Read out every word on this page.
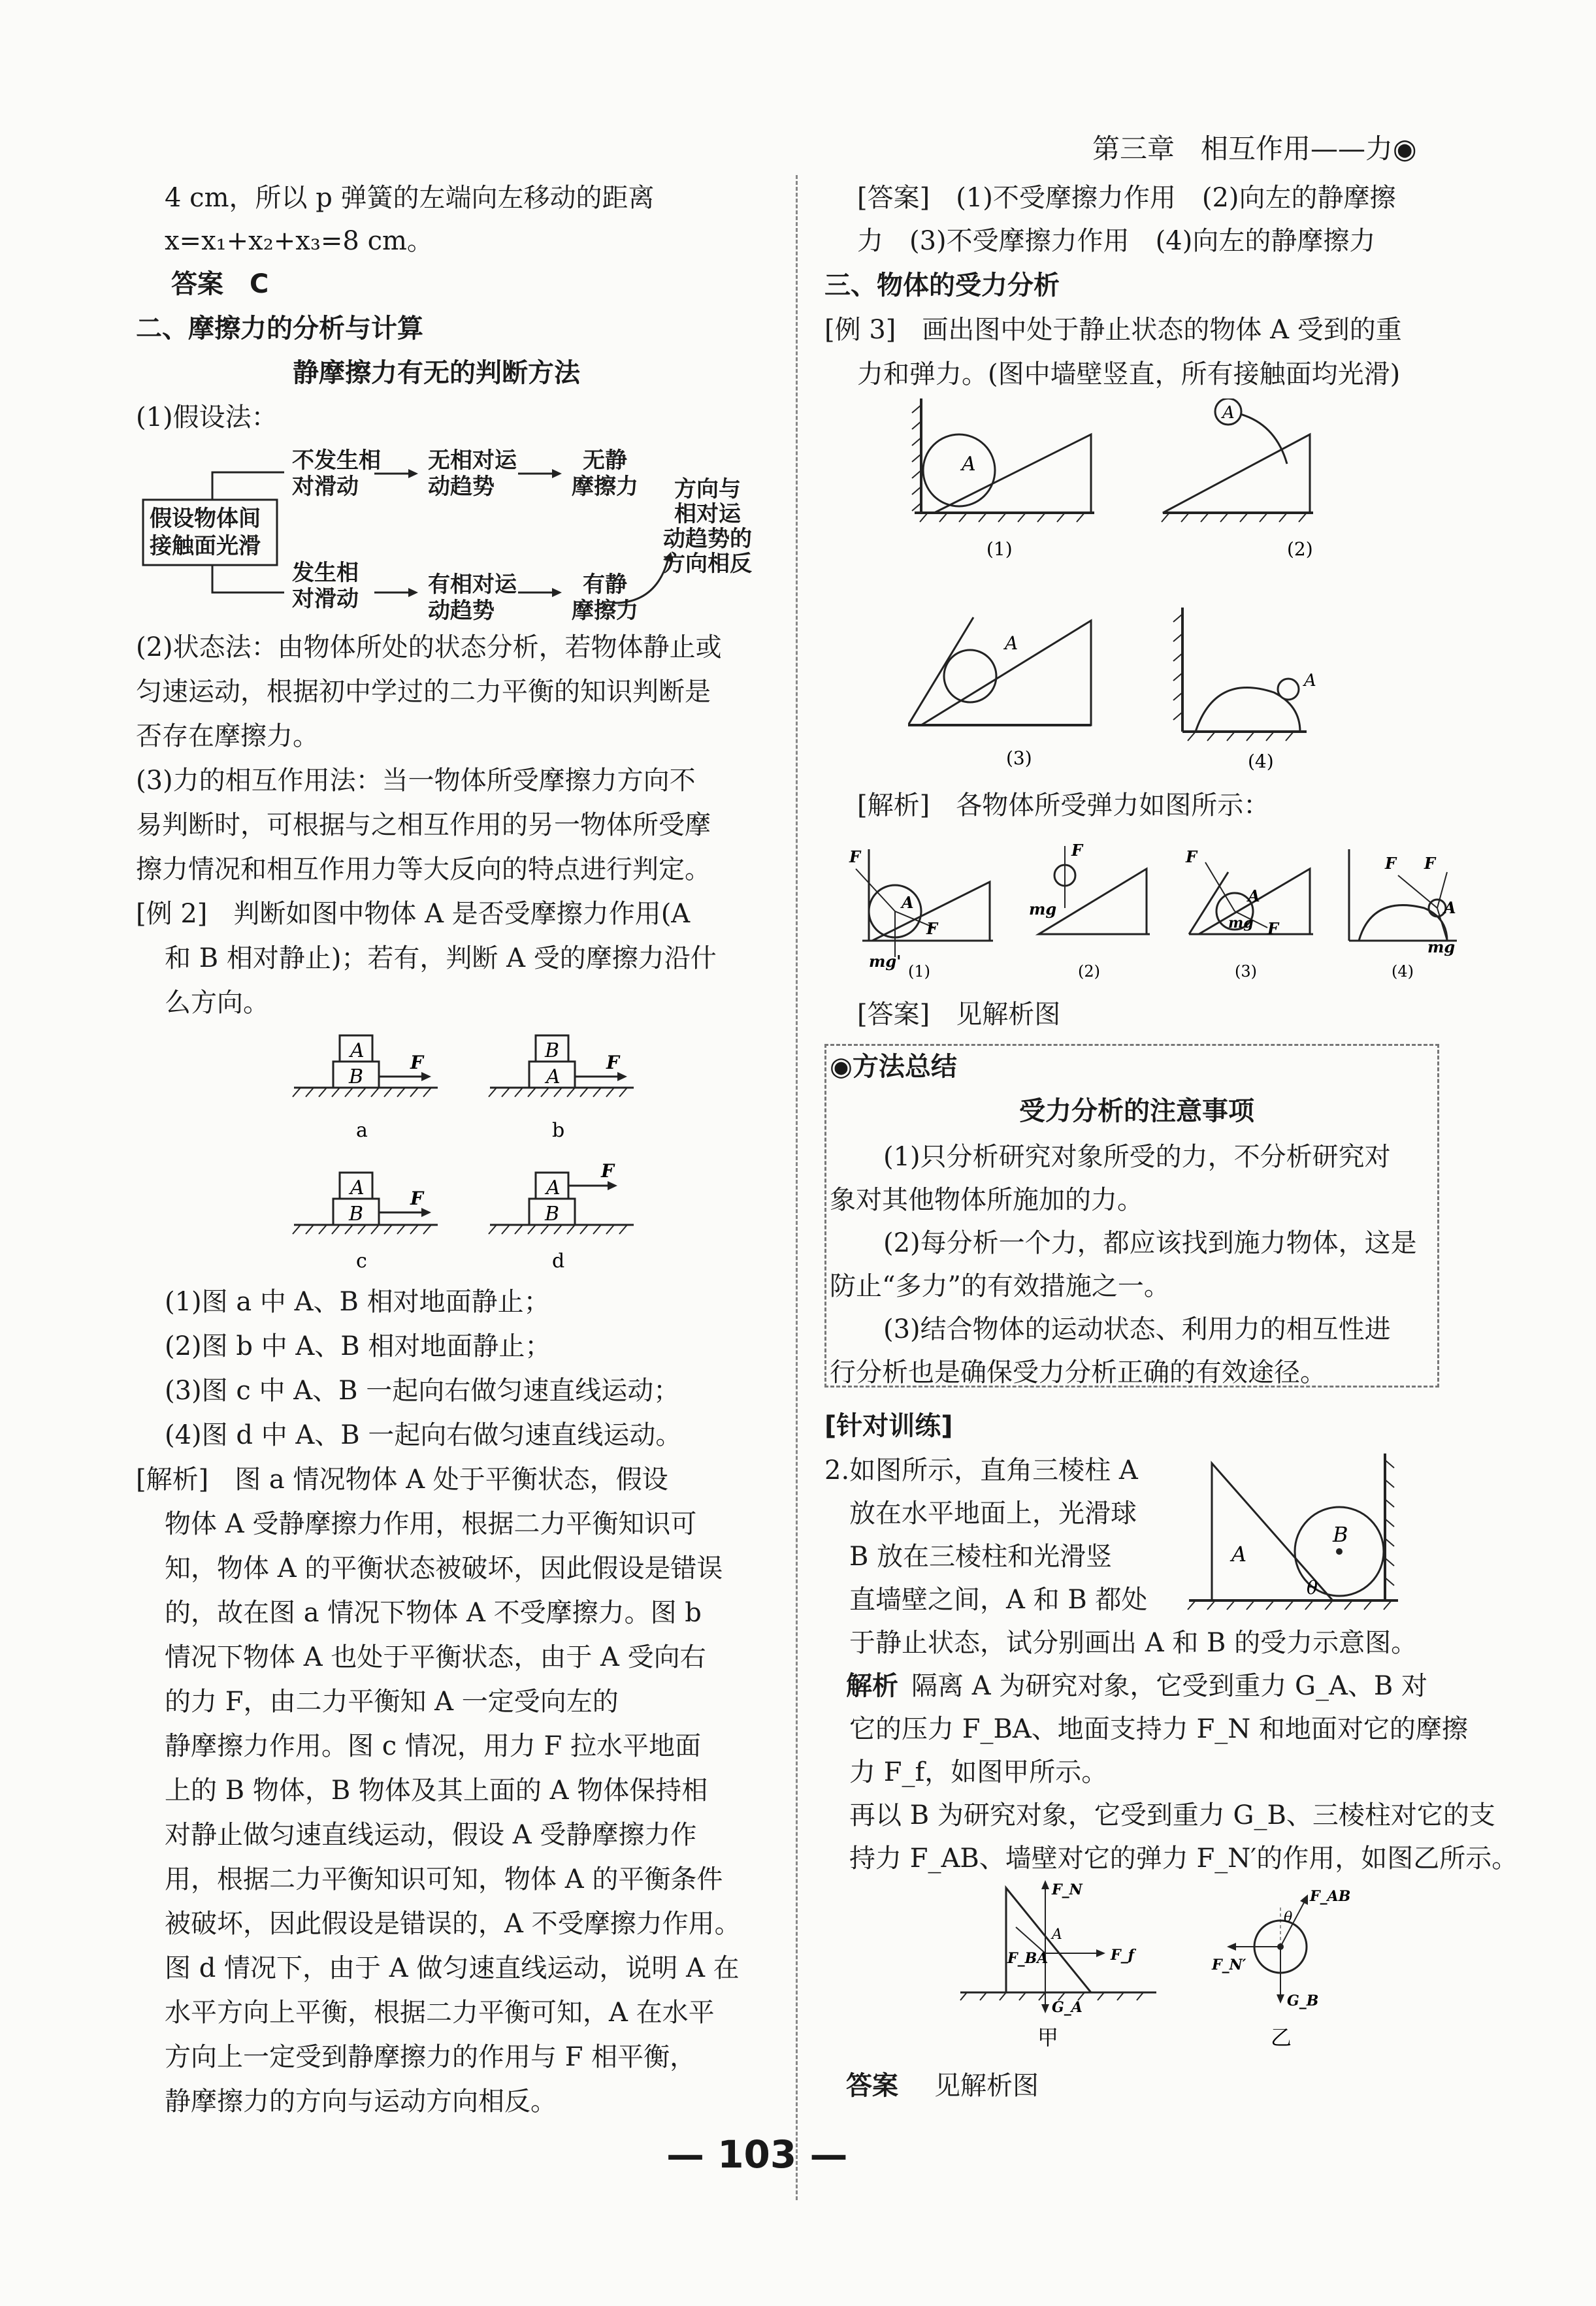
第三章 相互作用——力◉
4 cm，所以 p 弹簧的左端向左移动的距离
x=x₁+x₂+x₃=8 cm。
答案　C
二、摩擦力的分析与计算
静摩擦力有无的判断方法
(1)假设法：
假设物体间
接触面光滑
不发生相
对滑动
无相对运
动趋势
无静
摩擦力
发生相
对滑动
有相对运
动趋势
有静
摩擦力
方向与
相对运
动趋势的
方向相反
(2)状态法：由物体所处的状态分析，若物体静止或
匀速运动，根据初中学过的二力平衡的知识判断是
否存在摩擦力。
(3)力的相互作用法：当一物体所受摩擦力方向不
易判断时，可根据与之相互作用的另一物体所受摩
擦力情况和相互作用力等大反向的特点进行判定。
[例 2]　判断如图中物体 A 是否受摩擦力作用(A
和 B 相对静止)；若有，判断 A 受的摩擦力沿什
么方向。
A
B
F
a
B
A
F
b
A
B
F
c
A
B
F
d
(1)图 a 中 A、B 相对地面静止；
(2)图 b 中 A、B 相对地面静止；
(3)图 c 中 A、B 一起向右做匀速直线运动；
(4)图 d 中 A、B 一起向右做匀速直线运动。
[解析]　图 a 情况物体 A 处于平衡状态，假设
物体 A 受静摩擦力作用，根据二力平衡知识可
知，物体 A 的平衡状态被破坏，因此假设是错误
的，故在图 a 情况下物体 A 不受摩擦力。图 b
情况下物体 A 也处于平衡状态，由于 A 受向右
的力 F，由二力平衡知 A 一定受向左的
静摩擦力作用。图 c 情况，用力 F 拉水平地面
上的 B 物体，B 物体及其上面的 A 物体保持相
对静止做匀速直线运动，假设 A 受静摩擦力作
用，根据二力平衡知识可知，物体 A 的平衡条件
被破坏，因此假设是错误的，A 不受摩擦力作用。
图 d 情况下，由于 A 做匀速直线运动，说明 A 在
水平方向上平衡，根据二力平衡可知，A 在水平
方向上一定受到静摩擦力的作用与 F 相平衡，
静摩擦力的方向与运动方向相反。
[答案]　(1)不受摩擦力作用　(2)向左的静摩擦
力　(3)不受摩擦力作用　(4)向左的静摩擦力
三、物体的受力分析
[例 3]　画出图中处于静止状态的物体 A 受到的重
力和弹力。(图中墙壁竖直，所有接触面均光滑)
A
(1)
A
(2)
A
(3)
A
(4)
[解析]　各物体所受弹力如图所示：
F
F
A
mg'
(1)
F
mg
(2)
F
A
mg F
(3)
F F
A
mg
(4)
[答案]　见解析图
◉方法总结
受力分析的注意事项
(1)只分析研究对象所受的力，不分析研究对
象对其他物体所施加的力。
(2)每分析一个力，都应该找到施力物体，这是
防止“多力”的有效措施之一。
(3)结合物体的运动状态、利用力的相互性进
行分析也是确保受力分析正确的有效途径。
[针对训练]
2.如图所示，直角三棱柱 A
放在水平地面上，光滑球
B 放在三棱柱和光滑竖
直墙壁之间，A 和 B 都处
于静止状态，试分别画出 A 和 B 的受力示意图。
B
A
θ
解析 隔离 A 为研究对象，它受到重力 G_A、B 对
它的压力 F_BA、地面支持力 F_N 和地面对它的摩擦
力 F_f，如图甲所示。
再以 B 为研究对象，它受到重力 G_B、三棱柱对它的支
持力 F_AB、墙壁对它的弹力 F_N′的作用，如图乙所示。
F_N
F_BA	F_f
G_A
A
甲
F_AB
θ
F_N′
G_B
乙
答案 见解析图
— 103 —
